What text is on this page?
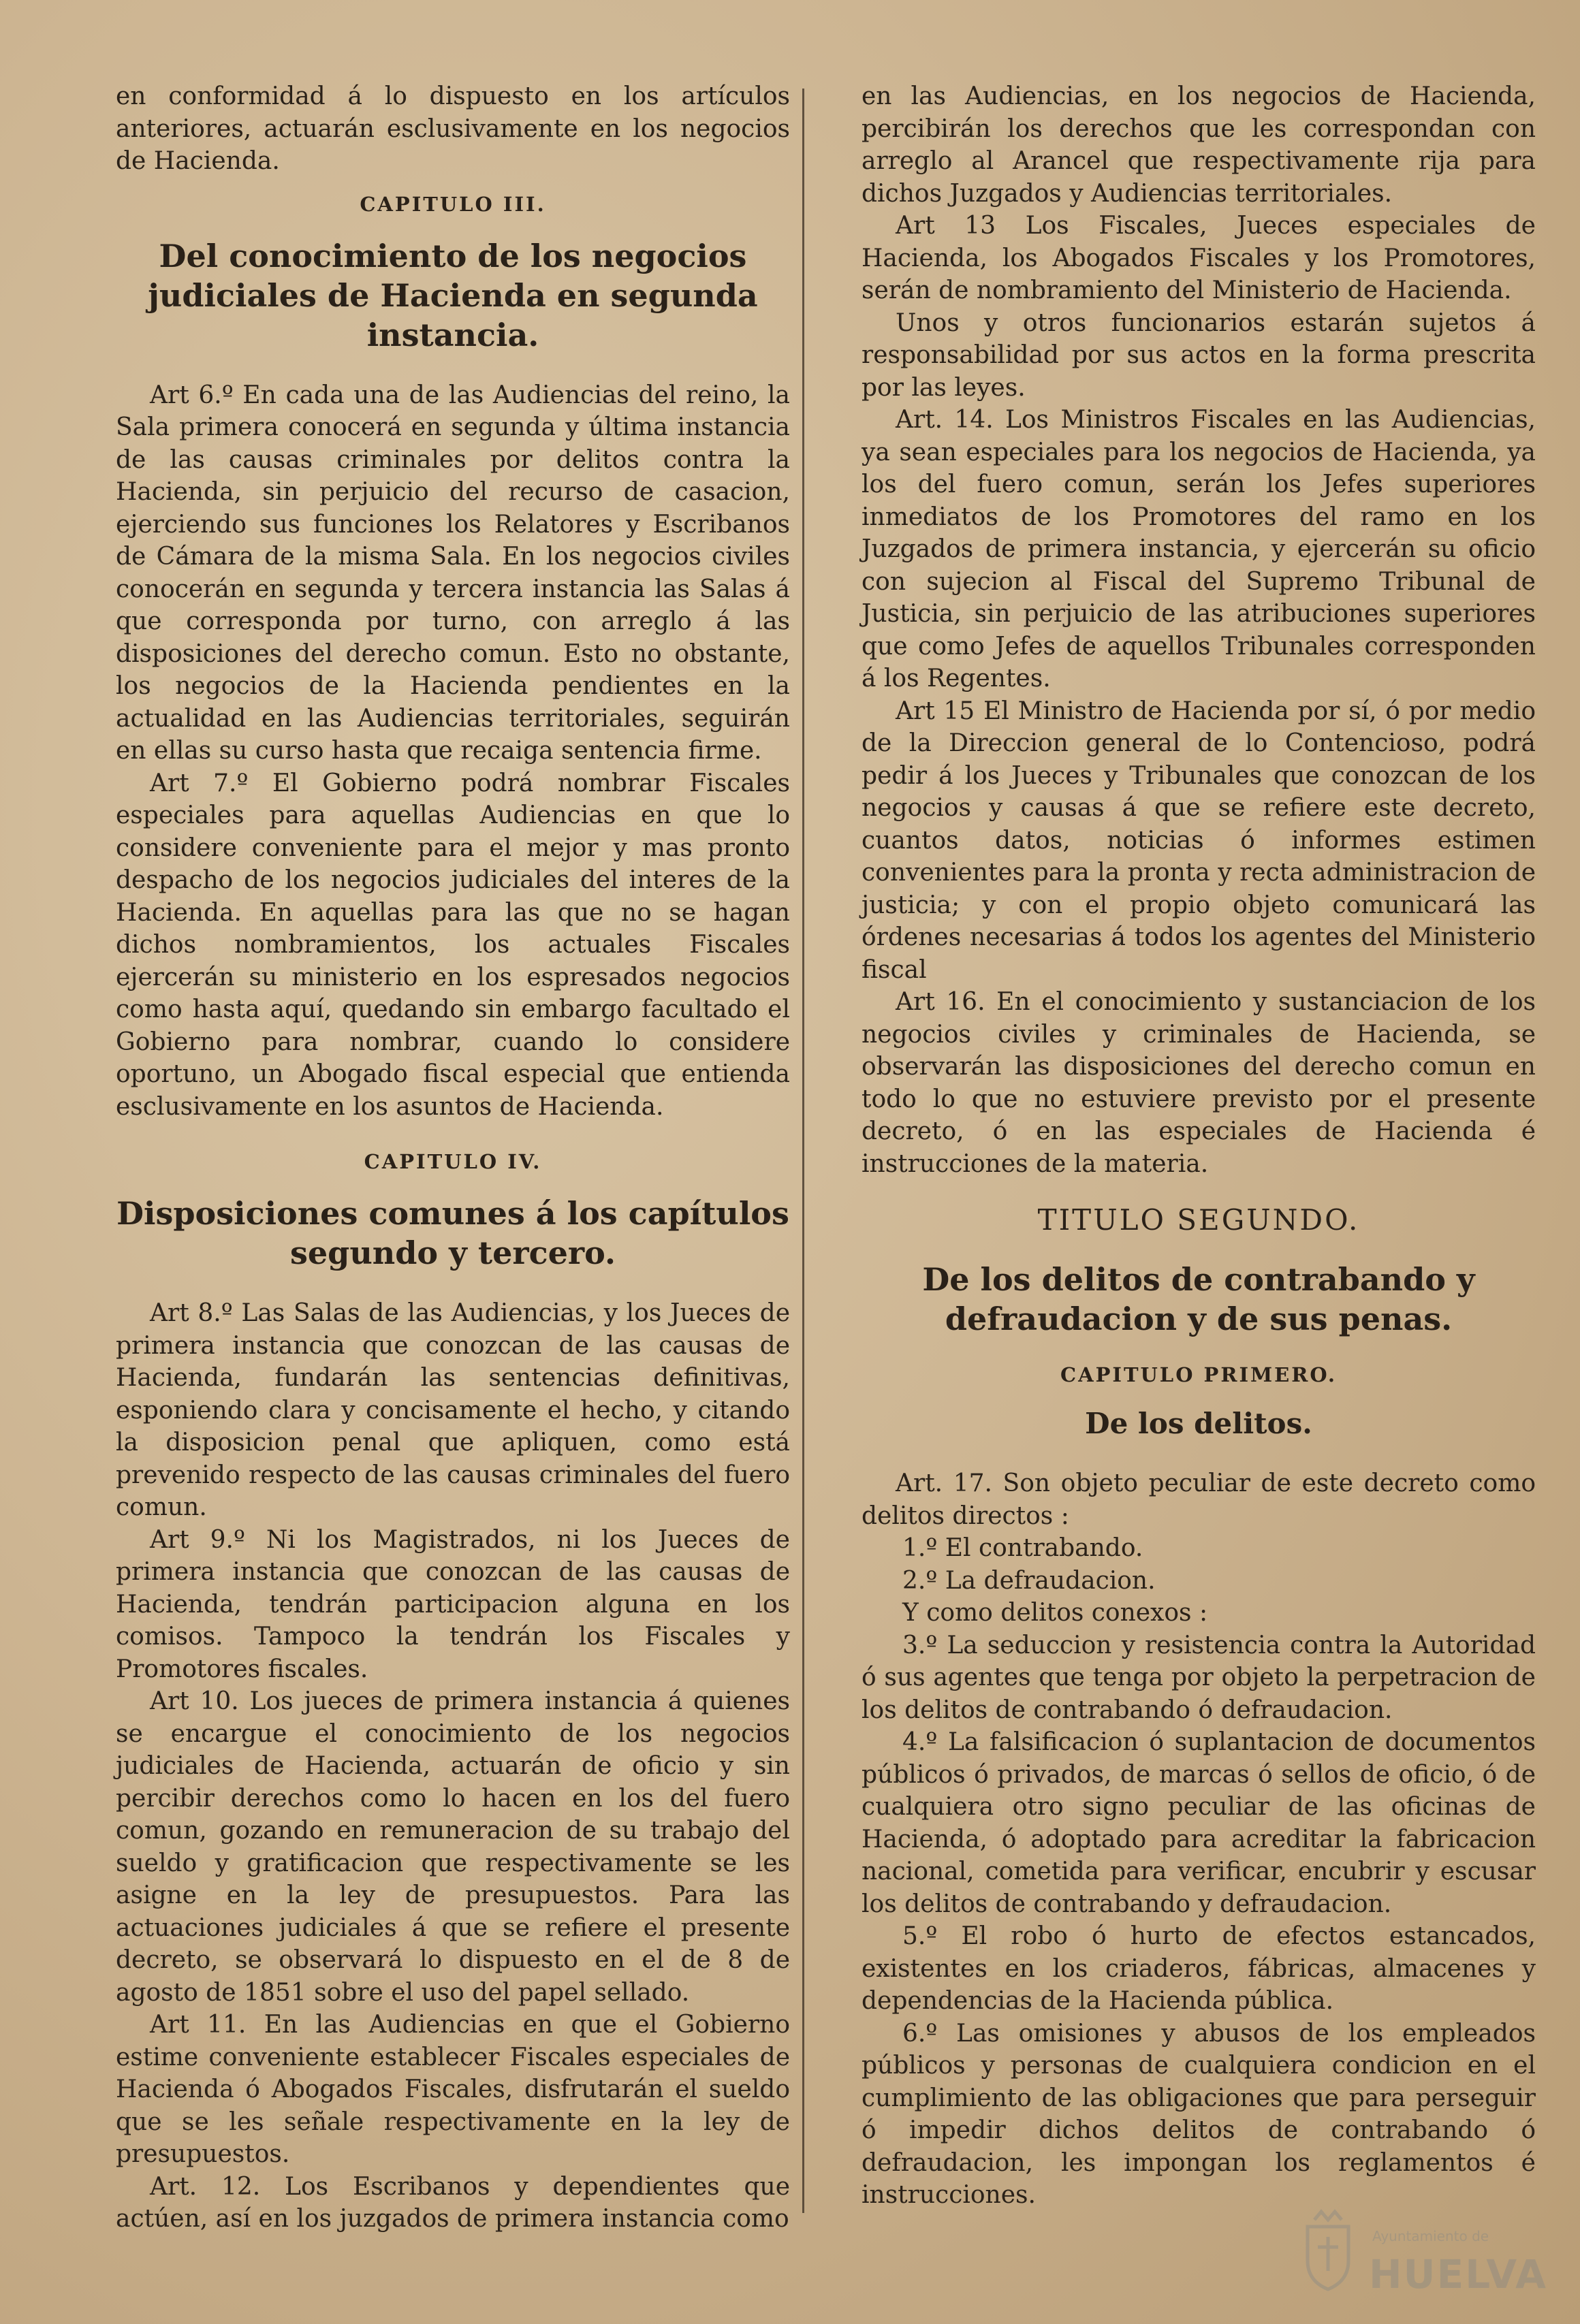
en conformidad á lo dispuesto en los artículos anteriores, actuarán esclusivamente en los negocios de Hacienda.

CAPITULO III.
Del conocimiento de los negocios judiciales de Hacienda en segunda instancia.

Art 6.º En cada una de las Audiencias del reino, la Sala primera conocerá en segunda y última instancia de las causas criminales por delitos contra la Hacienda, sin perjuicio del recurso de casacion, ejerciendo sus funciones los Relatores y Escribanos de Cámara de la misma Sala. En los negocios civiles conocerán en segunda y tercera instancia las Salas á que corresponda por turno, con arreglo á las disposiciones del derecho comun. Esto no obstante, los negocios de la Hacienda pendientes en la actualidad en las Audiencias territoriales, seguirán en ellas su curso hasta que recaiga sentencia firme.

Art 7.º El Gobierno podrá nombrar Fiscales especiales para aquellas Audiencias en que lo considere conveniente para el mejor y mas pronto despacho de los negocios judiciales del interes de la Hacienda. En aquellas para las que no se hagan dichos nombramientos, los actuales Fiscales ejercerán su ministerio en los espresados negocios como hasta aquí, quedando sin embargo facultado el Gobierno para nombrar, cuando lo considere oportuno, un Abogado fiscal especial que entienda esclusivamente en los asuntos de Hacienda.

CAPITULO IV.
Disposiciones comunes á los capítulos segundo y tercero.

Art 8.º Las Salas de las Audiencias, y los Jueces de primera instancia que conozcan de las causas de Hacienda, fundarán las sentencias definitivas, esponiendo clara y concisamente el hecho, y citando la disposicion penal que apliquen, como está prevenido respecto de las causas criminales del fuero comun.

Art 9.º Ni los Magistrados, ni los Jueces de primera instancia que conozcan de las causas de Hacienda, tendrán participacion alguna en los comisos. Tampoco la tendrán los Fiscales y Promotores fiscales.

Art 10. Los jueces de primera instancia á quienes se encargue el conocimiento de los negocios judiciales de Hacienda, actuarán de oficio y sin percibir derechos como lo hacen en los del fuero comun, gozando en remuneracion de su trabajo del sueldo y gratificacion que respectivamente se les asigne en la ley de presupuestos. Para las actuaciones judiciales á que se refiere el presente decreto, se observará lo dispuesto en el de 8 de agosto de 1851 sobre el uso del papel sellado.

Art 11. En las Audiencias en que el Gobierno estime conveniente establecer Fiscales especiales de Hacienda ó Abogados Fiscales, disfrutarán el sueldo que se les señale respectivamente en la ley de presupuestos.

Art. 12. Los Escribanos y dependientes que actúen, así en los juzgados de primera instancia como

en las Audiencias, en los negocios de Hacienda, percibirán los derechos que les correspondan con arreglo al Arancel que respectivamente rija para dichos Juzgados y Audiencias territoriales.

Art 13 Los Fiscales, Jueces especiales de Hacienda, los Abogados Fiscales y los Promotores, serán de nombramiento del Ministerio de Hacienda.

Unos y otros funcionarios estarán sujetos á responsabilidad por sus actos en la forma prescrita por las leyes.

Art. 14. Los Ministros Fiscales en las Audiencias, ya sean especiales para los negocios de Hacienda, ya los del fuero comun, serán los Jefes superiores inmediatos de los Promotores del ramo en los Juzgados de primera instancia, y ejercerán su oficio con sujecion al Fiscal del Supremo Tribunal de Justicia, sin perjuicio de las atribuciones superiores que como Jefes de aquellos Tribunales corresponden á los Regentes.

Art 15 El Ministro de Hacienda por sí, ó por medio de la Direccion general de lo Contencioso, podrá pedir á los Jueces y Tribunales que conozcan de los negocios y causas á que se refiere este decreto, cuantos datos, noticias ó informes estimen convenientes para la pronta y recta administracion de justicia; y con el propio objeto comunicará las órdenes necesarias á todos los agentes del Ministerio fiscal

Art 16. En el conocimiento y sustanciacion de los negocios civiles y criminales de Hacienda, se observarán las disposiciones del derecho comun en todo lo que no estuviere previsto por el presente decreto, ó en las especiales de Hacienda é instrucciones de la materia.

TITULO SEGUNDO.
De los delitos de contrabando y defraudacion y de sus penas.
CAPITULO PRIMERO.
De los delitos.

Art. 17. Son objeto peculiar de este decreto como delitos directos :

1.º El contrabando.

2.º La defraudacion.

Y como delitos conexos :

3.º La seduccion y resistencia contra la Autoridad ó sus agentes que tenga por objeto la perpetracion de los delitos de contrabando ó defraudacion.

4.º La falsificacion ó suplantacion de documentos públicos ó privados, de marcas ó sellos de oficio, ó de cualquiera otro signo peculiar de las oficinas de Hacienda, ó adoptado para acreditar la fabricacion nacional, cometida para verificar, encubrir y escusar los delitos de contrabando y defraudacion.

5.º El robo ó hurto de efectos estancados, existentes en los criaderos, fábricas, almacenes y dependencias de la Hacienda pública.

6.º Las omisiones y abusos de los empleados públicos y personas de cualquiera condicion en el cumplimiento de las obligaciones que para perseguir ó impedir dichos delitos de contrabando ó defraudacion, les impongan los reglamentos é instrucciones.

Ayuntamiento de
HUELVA
